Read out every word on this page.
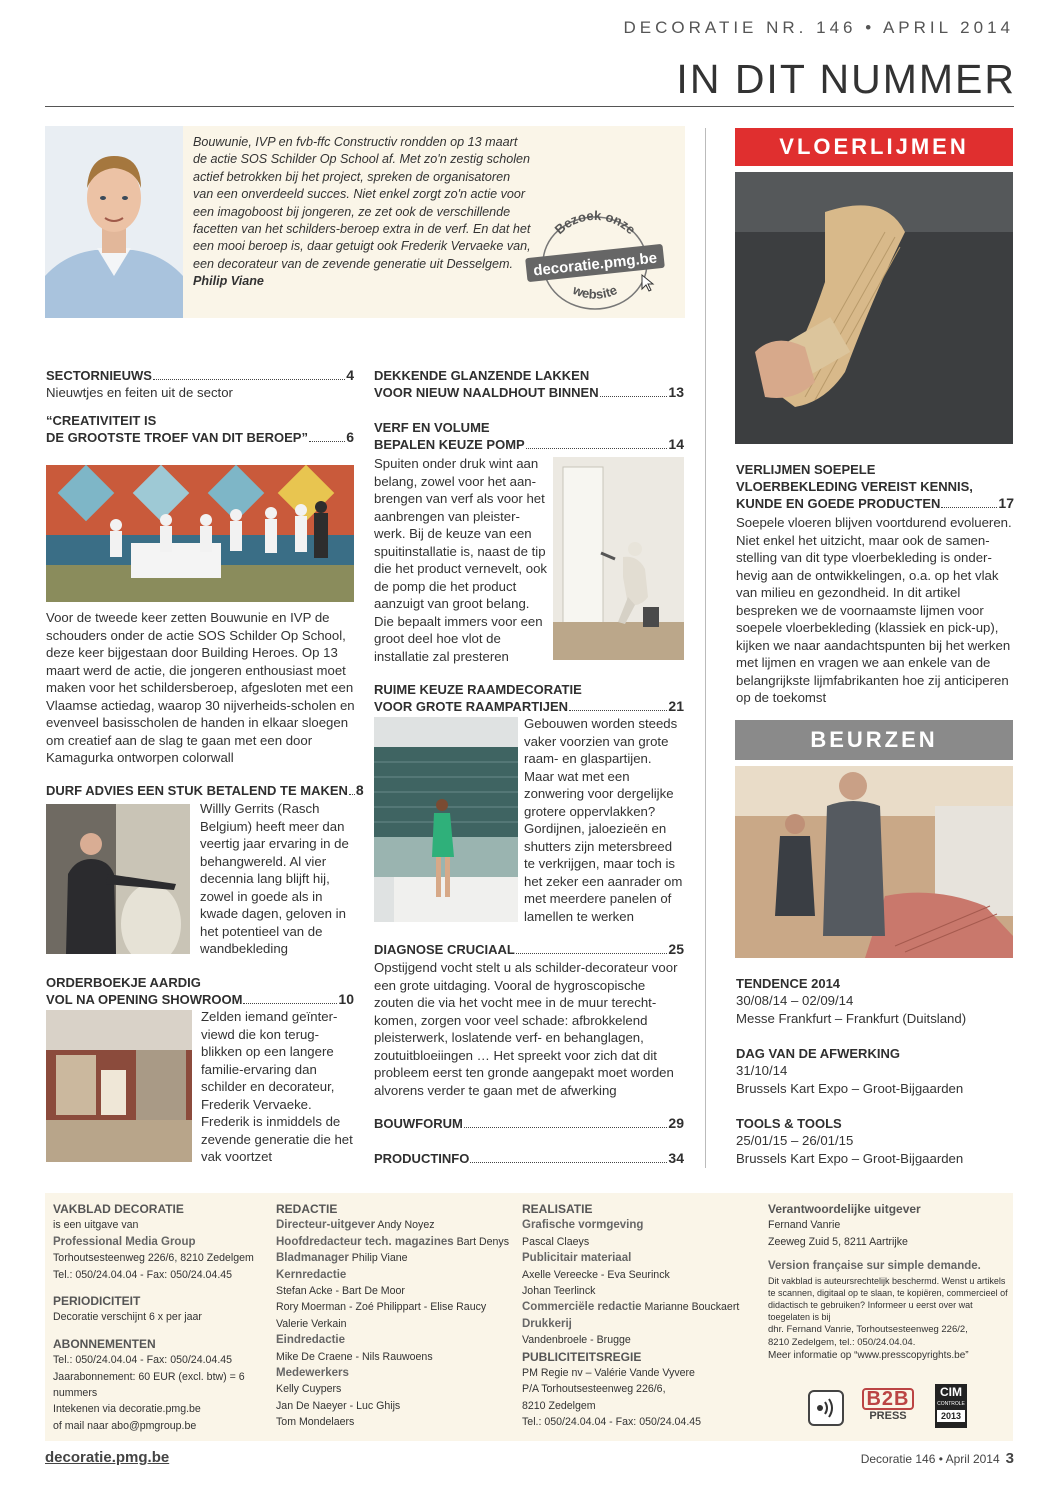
DECORATIE NR. 146 • APRIL 2014
IN DIT NUMMER

Bouwunie, IVP en fvb-ffc Constructiv rondden op 13 maart de actie SOS Schilder Op School af. Met zo'n zestig scholen actief betrokken bij het project, spreken de organisatoren van een onverdeeld succes. Niet enkel zorgt zo'n actie voor een imagoboost bij jongeren, ze zet ook de verschillende facetten van het schilders-beroep extra in de verf. En dat het een mooi beroep is, daar getuigt ook Frederik Vervaeke van, een decorateur van de zevende generatie uit Desselgem.

Philip Viane

Bezoek onze
website
decoratie.pmg.be
SECTORNIEUWS	4
Nieuwtjes en feiten uit de sector
“CREATIVITEIT IS
DE GROOTSTE TROEF VAN DIT BEROEP”	6
Voor de tweede keer zetten Bouwunie en IVP de schouders onder de actie SOS Schilder Op School, deze keer bijgestaan door Building Heroes. Op 13 maart werd de actie, die jongeren enthousiast moet maken voor het schildersberoep, afgesloten met een Vlaamse actiedag, waarop 30 nijverheids-scholen en evenveel basisscholen de handen in elkaar sloegen om creatief aan de slag te gaan met een door Kamagurka ontworpen colorwall
DURF ADVIES EEN STUK BETALEND TE MAKEN 8
Willly Gerrits (Rasch Belgium) heeft meer dan veertig jaar ervaring in de behangwereld. Al vier decennia lang blijft hij, zowel in goede als in kwade dagen, geloven in het potentieel van de wandbekleding
ORDERBOEKJE AARDIG
VOL NA OPENING SHOWROOM	10
Zelden iemand geïnter-viewd die kon terug-blikken op een langere familie-ervaring dan schilder en decorateur, Frederik Vervaeke. Frederik is inmiddels de zevende generatie die het vak voortzet
DEKKENDE GLANZENDE LAKKEN
VOOR NIEUW NAALDHOUT BINNEN	13
VERF EN VOLUME
BEPALEN KEUZE POMP	14
Spuiten onder druk wint aan belang, zowel voor het aan-brengen van verf als voor het aanbrengen van pleister-werk. Bij de keuze van een spuitinstallatie is, naast de tip die het product vernevelt, ook de pomp die het product aanzuigt van groot belang. Die bepaalt immers voor een groot deel hoe vlot de installatie zal presteren
RUIME KEUZE RAAMDECORATIE
VOOR GROTE RAAMPARTIJEN	21
Gebouwen worden steeds vaker voorzien van grote raam- en glaspartijen. Maar wat met een zonwering voor dergelijke grotere oppervlakken? Gordijnen, jaloezieën en shutters zijn metersbreed te verkrijgen, maar toch is het zeker een aanrader om met meerdere panelen of lamellen te werken
DIAGNOSE CRUCIAAL	25
Opstijgend vocht stelt u als schilder-decorateur voor een grote uitdaging. Vooral de hygroscopische zouten die via het vocht mee in de muur terecht-komen, zorgen voor veel schade: afbrokkelend pleisterwerk, loslatende verf- en behanglagen, zoutuitbloeiingen … Het spreekt voor zich dat dit probleem eerst ten gronde aangepakt moet worden alvorens verder te gaan met de afwerking
BOUWFORUM	29
PRODUCTINFO	34
VLOERLIJMEN
VERLIJMEN SOEPELE
VLOERBEKLEDING VEREIST KENNIS,
KUNDE EN GOEDE PRODUCTEN	17
Soepele vloeren blijven voortdurend evolueren. Niet enkel het uitzicht, maar ook de samen-stelling van dit type vloerbekleding is onder-hevig aan de ontwikkelingen, o.a. op het vlak van milieu en gezondheid. In dit artikel bespreken we de voornaamste lijmen voor soepele vloerbekleding (klassiek en pick-up), kijken we naar aandachtspunten bij het werken met lijmen en vragen we aan enkele van de belangrijkste lijmfabrikanten hoe zij anticiperen op de toekomst
BEURZEN
TENDENCE 2014
30/08/14 – 02/09/14
Messe Frankfurt – Frankfurt (Duitsland)
DAG VAN DE AFWERKING
31/10/14
Brussels Kart Expo – Groot-Bijgaarden
TOOLS & TOOLS
25/01/15 – 26/01/15
Brussels Kart Expo – Groot-Bijgaarden
VAKBLAD DECORATIE
is een uitgave van
Professional Media Group
Torhoutsesteenweg 226/6, 8210 Zedelgem
Tel.: 050/24.04.04 - Fax: 050/24.04.45
PERIODICITEIT
Decoratie verschijnt 6 x per jaar
ABONNEMENTEN
Tel.: 050/24.04.04 - Fax: 050/24.04.45
Jaarabonnement: 60 EUR (excl. btw) = 6 nummers
Intekenen via decoratie.pmg.be
of mail naar abo@pmgroup.be
REDACTIE
Directeur-uitgever Andy Noyez
Hoofdredacteur tech. magazines Bart Denys
Bladmanager Philip Viane
Kernredactie
Stefan Acke - Bart De Moor
Rory Moerman - Zoé Philippart - Elise Raucy
Valerie Verkain
Eindredactie
Mike De Craene - Nils Rauwoens
Medewerkers
Kelly Cuypers
Jan De Naeyer - Luc Ghijs
Tom Mondelaers
REALISATIE
Grafische vormgeving
Pascal Claeys
Publicitair materiaal
Axelle Vereecke - Eva Seurinck
Johan Teerlinck
Commerciële redactie Marianne Bouckaert
Drukkerij
Vandenbroele - Brugge
PUBLICITEITSREGIE
PM Regie nv – Valérie Vande Vyvere
P/A Torhoutsesteenweg 226/6,
8210 Zedelgem
Tel.: 050/24.04.04 - Fax: 050/24.04.45
Verantwoordelijke uitgever
Fernand Vanrie
Zeeweg Zuid 5, 8211 Aartrijke
Version française sur simple demande.
Dit vakblad is auteursrechtelijk beschermd. Wenst u artikels te scannen, digitaal op te slaan, te kopiëren, commercieel of didactisch te gebruiken? Informeer u eerst over wat toegelaten is bij
dhr. Fernand Vanrie, Torhoutsesteenweg 226/2,
8210 Zedelgem, tel.: 050/24.04.04.
Meer informatie op “www.presscopyrights.be”
B2B
PRESS
CIM
CONTROLE
2013
decoratie.pmg.be	Decoratie 146 • April 2014 3
